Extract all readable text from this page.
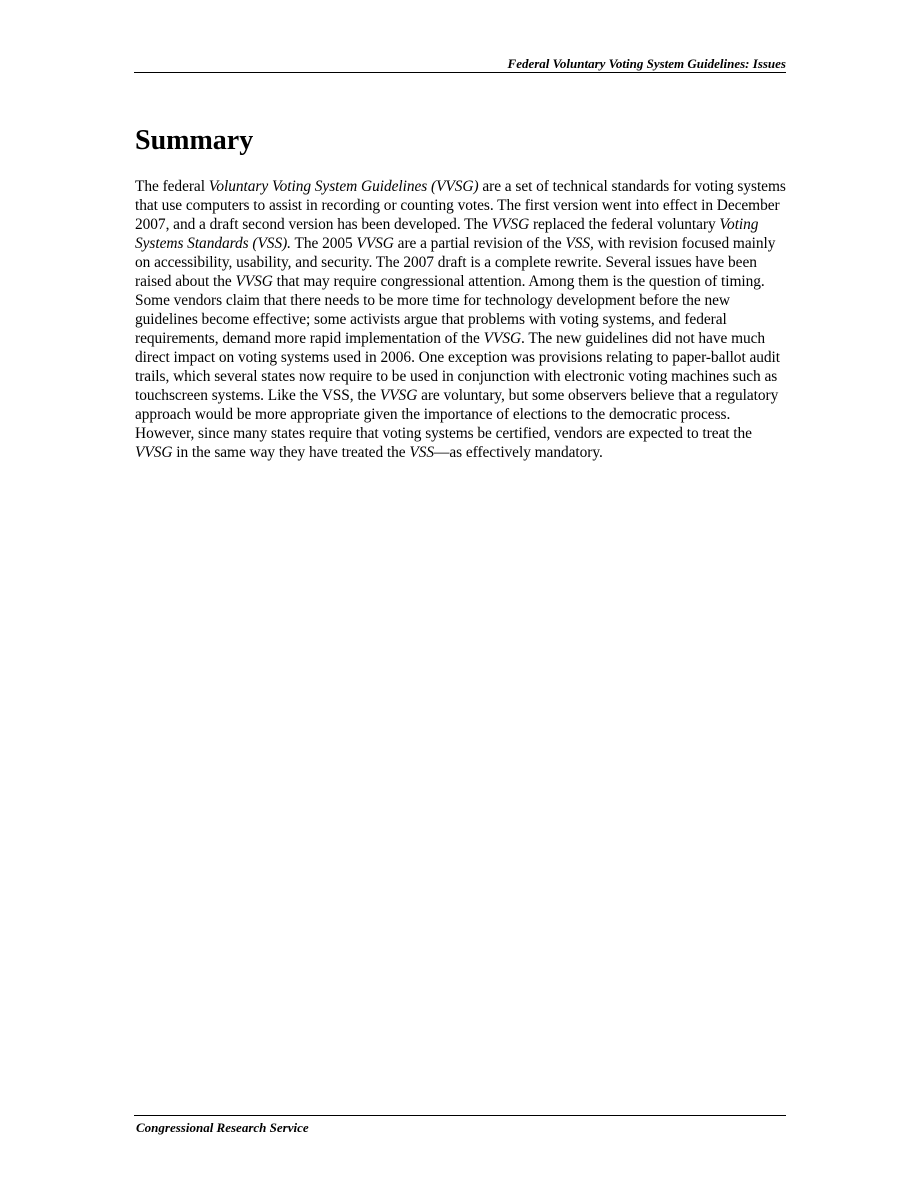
Federal Voluntary Voting System Guidelines: Issues
Summary

The federal Voluntary Voting System Guidelines (VVSG) are a set of technical standards for voting systems that use computers to assist in recording or counting votes. The first version went into effect in December 2007, and a draft second version has been developed. The VVSG replaced the federal voluntary Voting Systems Standards (VSS). The 2005 VVSG are a partial revision of the VSS, with revision focused mainly on accessibility, usability, and security. The 2007 draft is a complete rewrite. Several issues have been raised about the VVSG that may require congressional attention. Among them is the question of timing. Some vendors claim that there needs to be more time for technology development before the new guidelines become effective; some activists argue that problems with voting systems, and federal requirements, demand more rapid implementation of the VVSG. The new guidelines did not have much direct impact on voting systems used in 2006. One exception was provisions relating to paper-ballot audit trails, which several states now require to be used in conjunction with electronic voting machines such as touchscreen systems. Like the VSS, the VVSG are voluntary, but some observers believe that a regulatory approach would be more appropriate given the importance of elections to the democratic process. However, since many states require that voting systems be certified, vendors are expected to treat the VVSG in the same way they have treated the VSS—as effectively mandatory.

Congressional Research Service
